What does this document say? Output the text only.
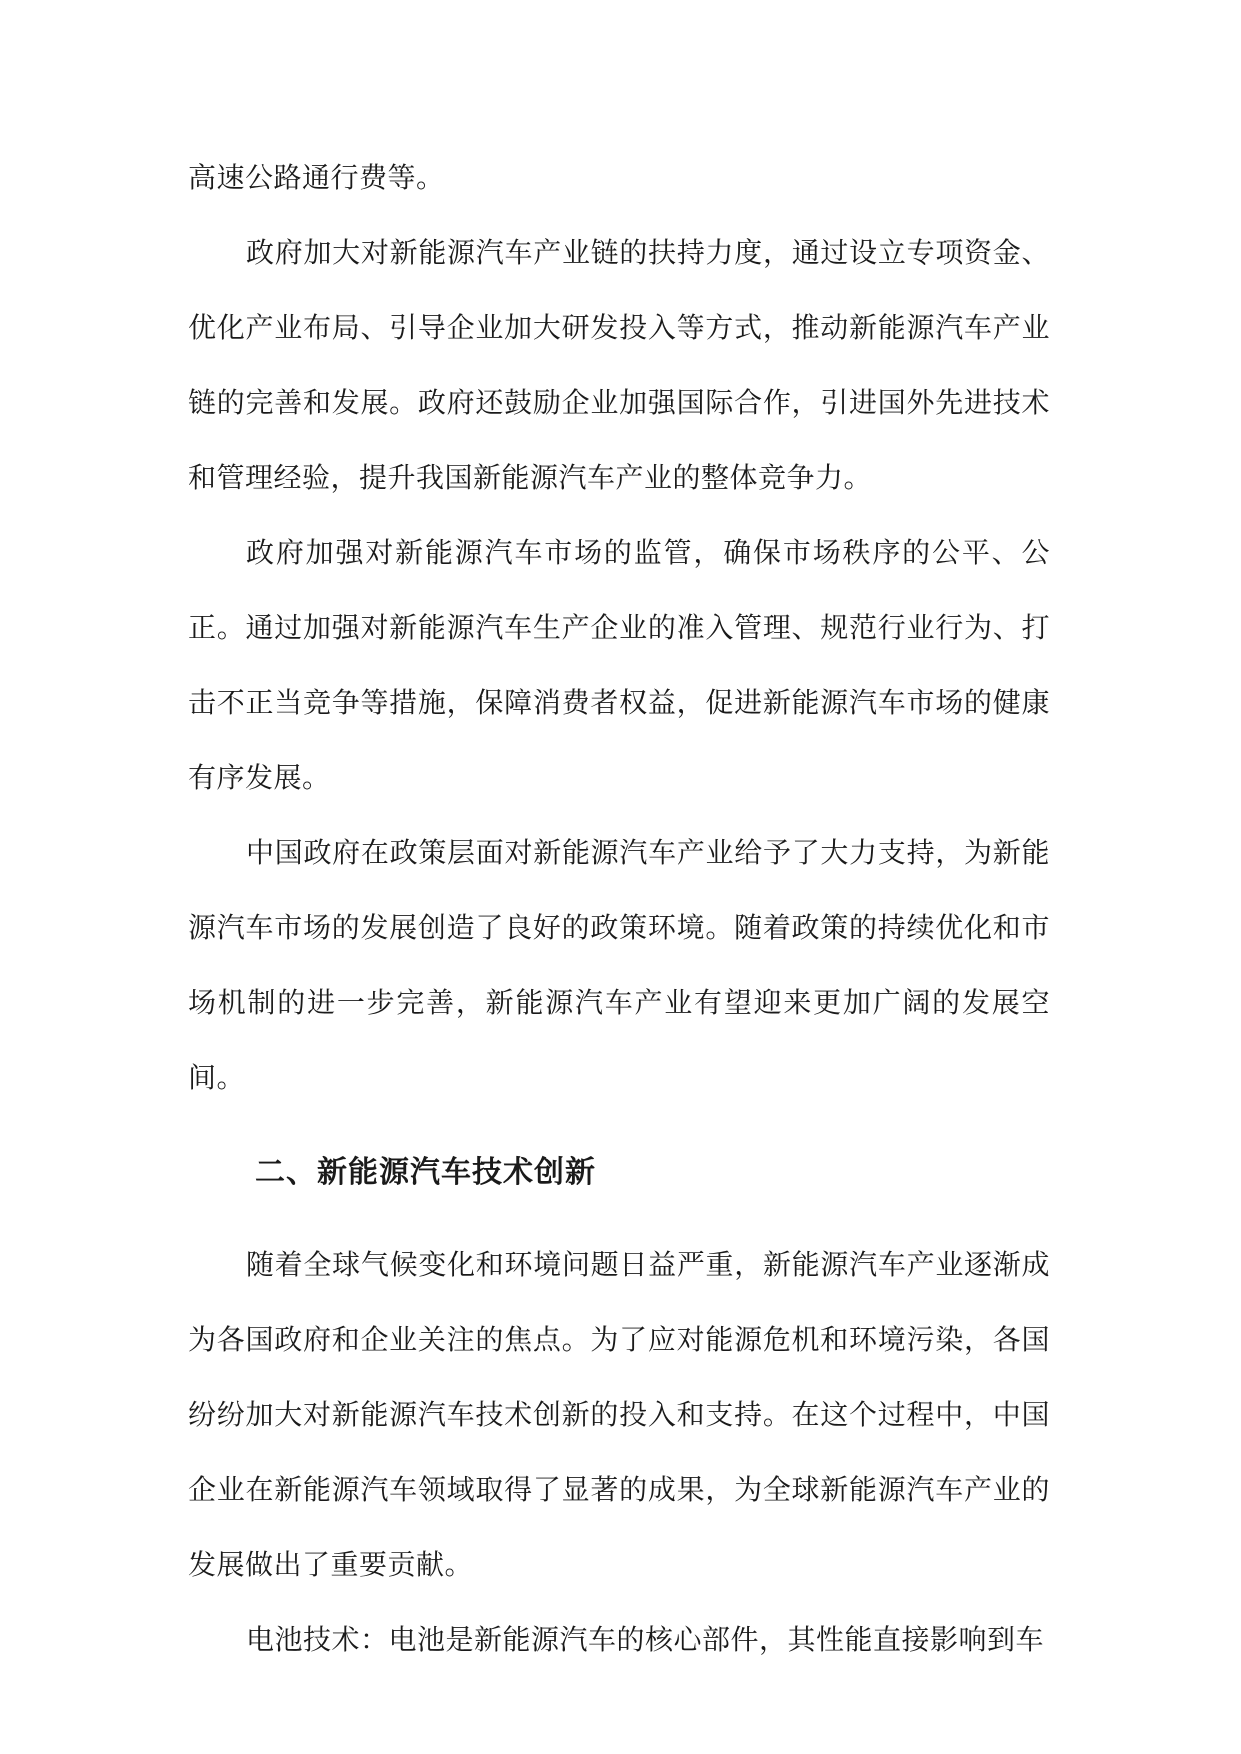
高速公路通行费等。

政府加大对新能源汽车产业链的扶持力度，通过设立专项资金、优化产业布局、引导企业加大研发投入等方式，推动新能源汽车产业链的完善和发展。政府还鼓励企业加强国际合作，引进国外先进技术和管理经验，提升我国新能源汽车产业的整体竞争力。

政府加强对新能源汽车市场的监管，确保市场秩序的公平、公正。通过加强对新能源汽车生产企业的准入管理、规范行业行为、打击不正当竞争等措施，保障消费者权益，促进新能源汽车市场的健康有序发展。

中国政府在政策层面对新能源汽车产业给予了大力支持，为新能源汽车市场的发展创造了良好的政策环境。随着政策的持续优化和市场机制的进一步完善，新能源汽车产业有望迎来更加广阔的发展空间。

二、新能源汽车技术创新

随着全球气候变化和环境问题日益严重，新能源汽车产业逐渐成为各国政府和企业关注的焦点。为了应对能源危机和环境污染，各国纷纷加大对新能源汽车技术创新的投入和支持。在这个过程中，中国企业在新能源汽车领域取得了显著的成果，为全球新能源汽车产业的发展做出了重要贡献。

电池技术：电池是新能源汽车的核心部件，其性能直接影响到车
